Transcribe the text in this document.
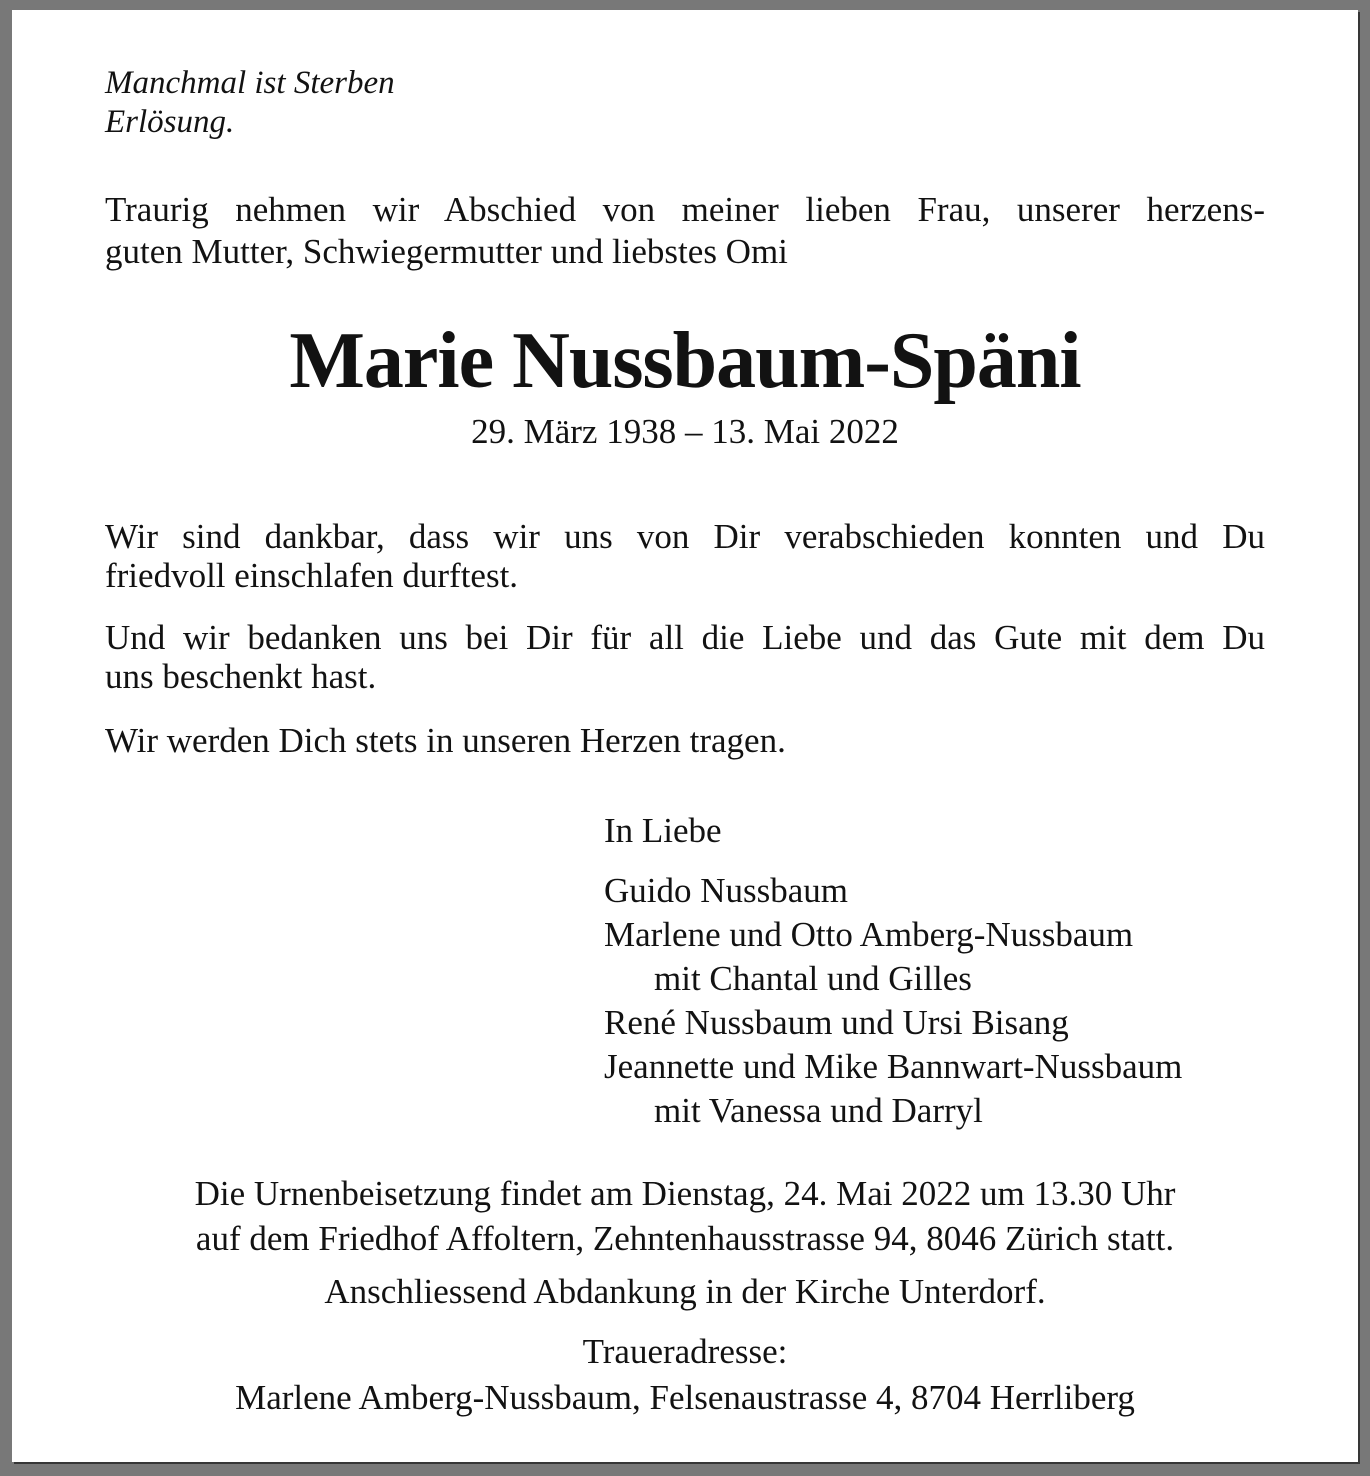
Manchmal ist Sterben
Erlösung.
Traurig nehmen wir Abschied von meiner lieben Frau, unserer herzens-
guten Mutter, Schwiegermutter und liebstes Omi
Marie Nussbaum-Späni
29. März 1938 – 13. Mai 2022
Wir sind dankbar, dass wir uns von Dir verabschieden konnten und Du
friedvoll einschlafen durftest.
Und wir bedanken uns bei Dir für all die Liebe und das Gute mit dem Du
uns beschenkt hast.
Wir werden Dich stets in unseren Herzen tragen.
In Liebe
Guido Nussbaum
Marlene und Otto Amberg-Nussbaum
mit Chantal und Gilles
René Nussbaum und Ursi Bisang
Jeannette und Mike Bannwart-Nussbaum
mit Vanessa und Darryl
Die Urnenbeisetzung findet am Dienstag, 24. Mai 2022 um 13.30 Uhr
auf dem Friedhof Affoltern, Zehntenhausstrasse 94, 8046 Zürich statt.
Anschliessend Abdankung in der Kirche Unterdorf.
Traueradresse:
Marlene Amberg-Nussbaum, Felsenaustrasse 4, 8704 Herrliberg
